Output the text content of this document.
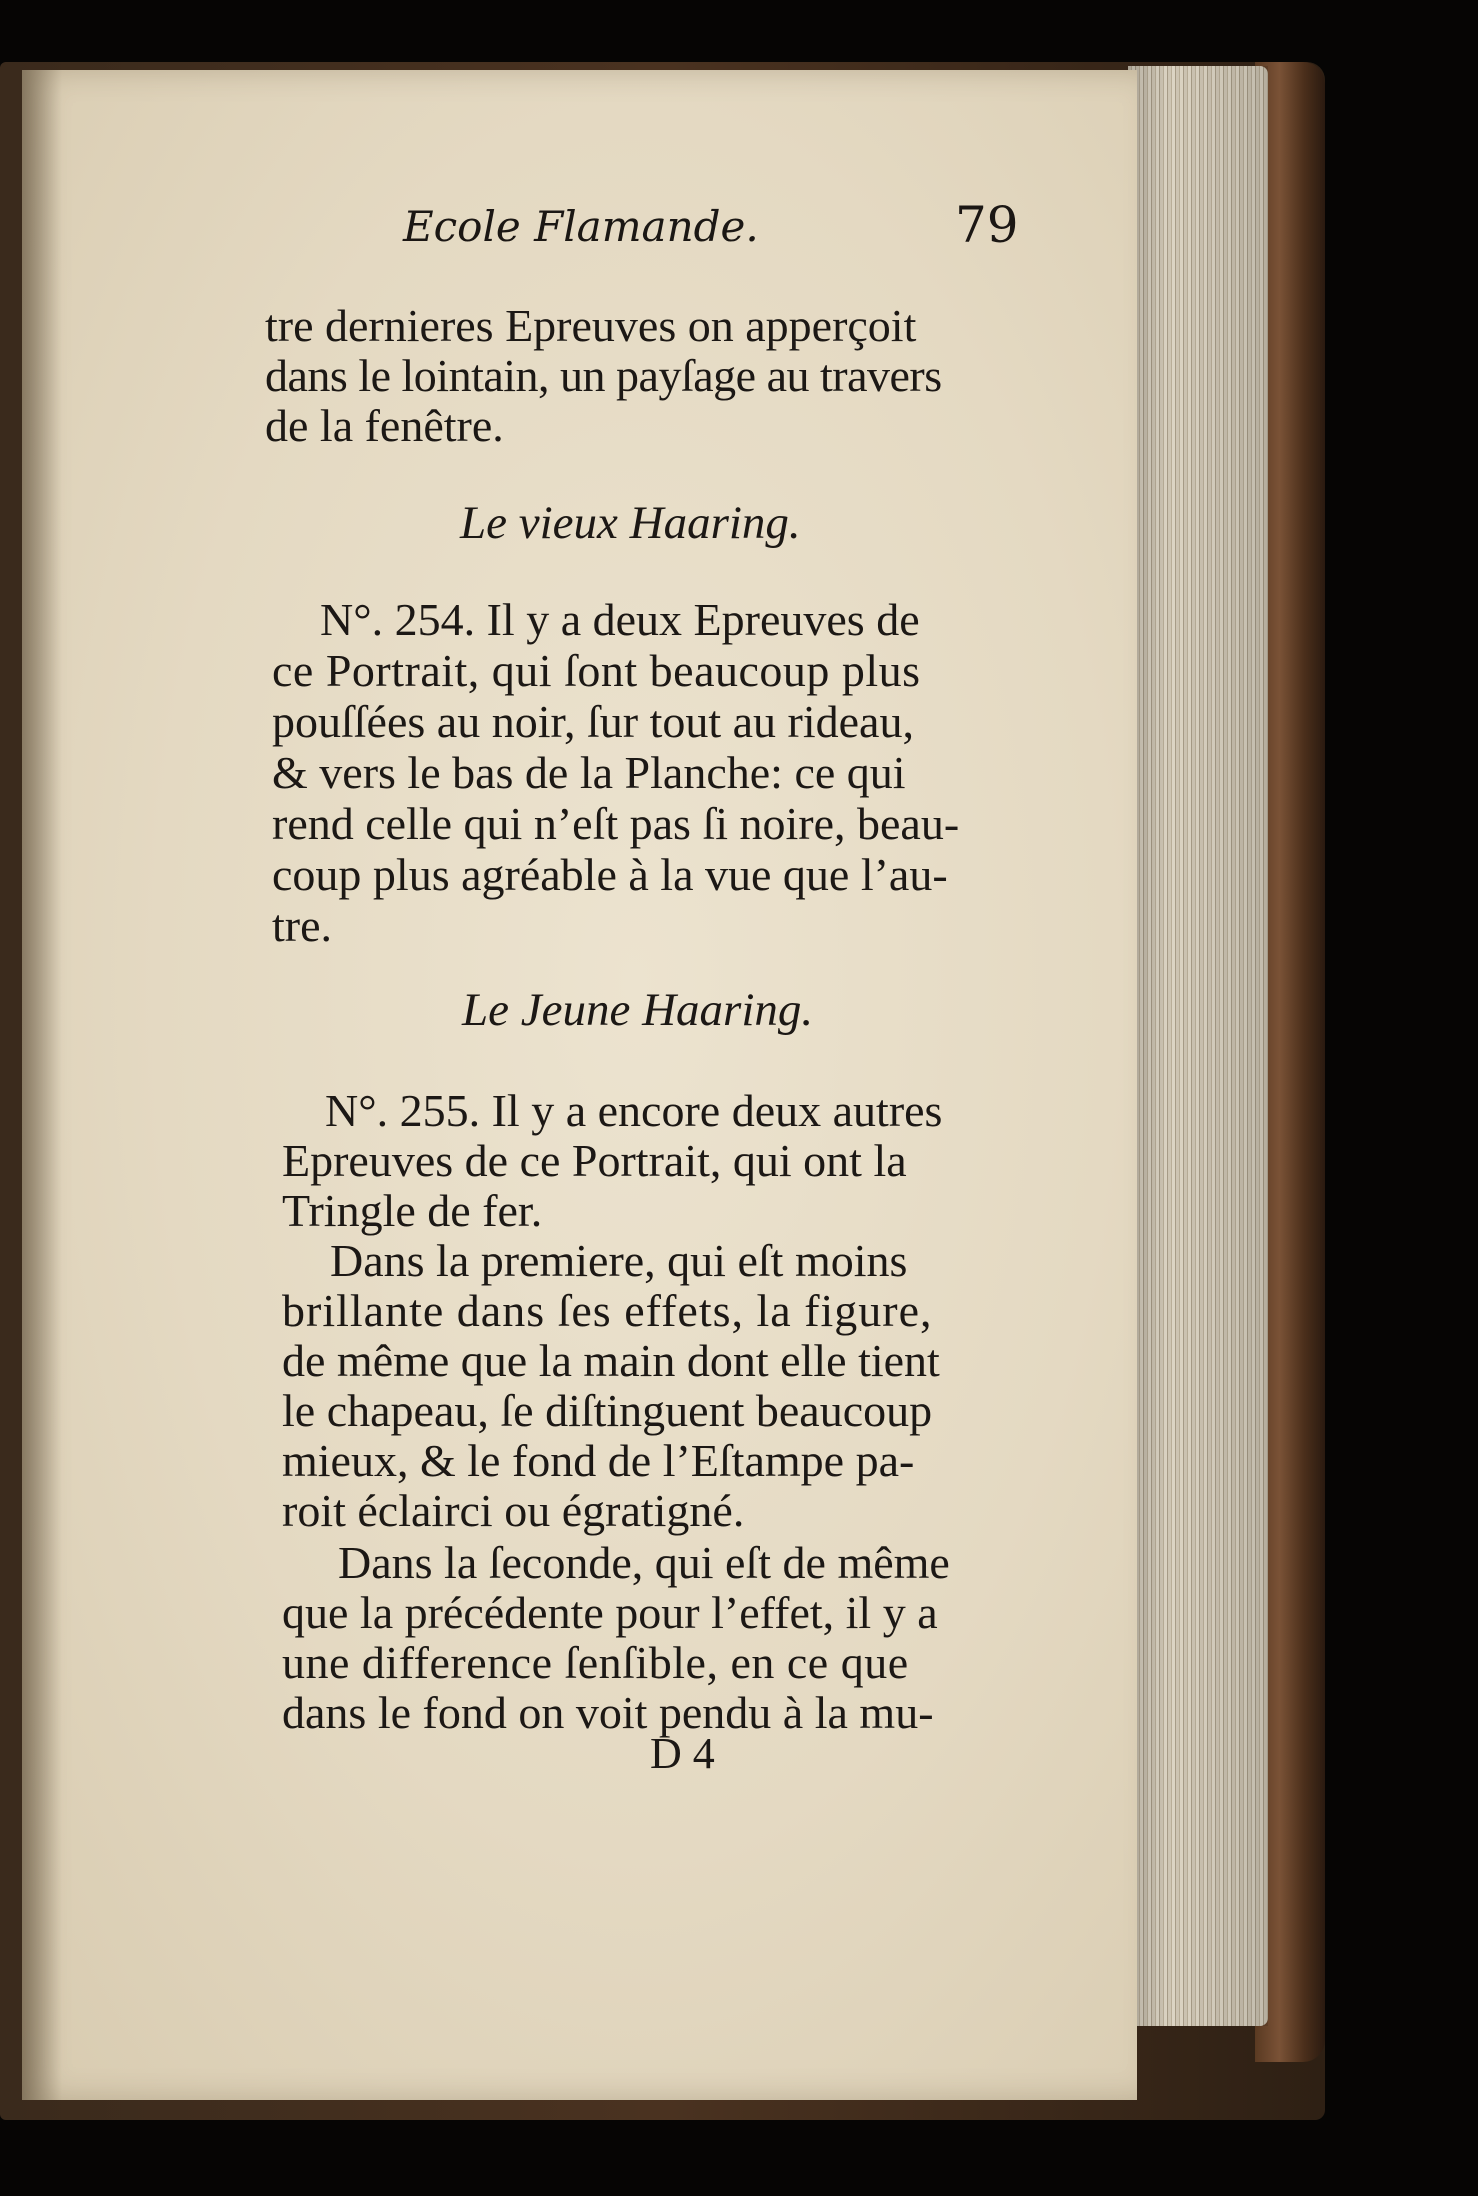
Ecole Flamande.	79
tre dernieres Epreuves on apperçoit
dans le lointain, un payſage au travers
de la fenêtre.
Le vieux Haaring.
N°. 254. Il y a deux Epreuves de
ce Portrait, qui ſont beaucoup plus
pouſſées au noir, ſur tout au rideau,
& vers le bas de la Planche: ce qui
rend celle qui n’eſt pas ſi noire, beau-
coup plus agréable à la vue que l’au-
tre.
Le Jeune Haaring.
N°. 255. Il y a encore deux autres
Epreuves de ce Portrait, qui ont la
Tringle de fer.
Dans la premiere, qui eſt moins
brillante dans ſes effets, la figure,
de même que la main dont elle tient
le chapeau, ſe diſtinguent beaucoup
mieux, & le fond de l’Eſtampe pa-
roit éclairci ou égratigné.
Dans la ſeconde, qui eſt de même
que la précédente pour l’effet, il y a
une difference ſenſible, en ce que
dans le fond on voit pendu à la mu-
D 4
